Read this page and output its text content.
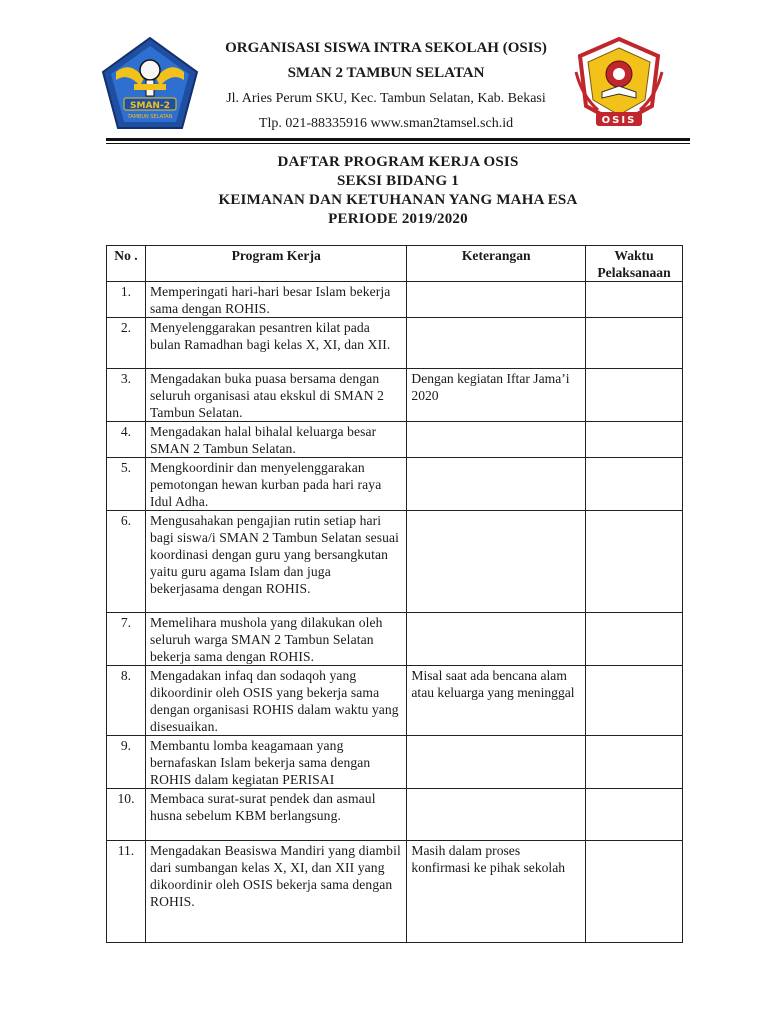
SMAN-2
TAMBUN SELATAN	OSIS
ORGANISASI SISWA INTRA SEKOLAH (OSIS)
SMAN 2 TAMBUN SELATAN
Jl. Aries Perum SKU, Kec. Tambun Selatan, Kab. Bekasi
Tlp. 021-88335916 www.sman2tamsel.sch.id
DAFTAR PROGRAM KERJA OSIS
SEKSI BIDANG 1
KEIMANAN DAN KETUHANAN YANG MAHA ESA
PERIODE 2019/2020
No .	Program Kerja	Keterangan	Waktu Pelaksanaan
1.	Memperingati hari-hari besar Islam bekerja sama dengan ROHIS.		
2.	Menyelenggarakan pesantren kilat pada bulan Ramadhan bagi kelas X, XI, dan XII.		
3.	Mengadakan buka puasa bersama dengan seluruh organisasi atau ekskul di SMAN 2 Tambun Selatan.	Dengan kegiatan Iftar Jama’i 2020	
4.	Mengadakan halal bihalal keluarga besar SMAN 2 Tambun Selatan.		
5.	Mengkoordinir dan menyelenggarakan pemotongan hewan kurban pada hari raya Idul Adha.		
6.	Mengusahakan pengajian rutin setiap hari bagi siswa/i SMAN 2 Tambun Selatan sesuai koordinasi dengan guru yang bersangkutan yaitu guru agama Islam dan juga bekerjasama dengan ROHIS.		
7.	Memelihara mushola yang dilakukan oleh seluruh warga SMAN 2 Tambun Selatan bekerja sama dengan ROHIS.		
8.	Mengadakan infaq dan sodaqoh yang dikoordinir oleh OSIS yang bekerja sama dengan organisasi ROHIS dalam waktu yang disesuaikan.	Misal saat ada bencana alam atau keluarga yang meninggal	
9.	Membantu lomba keagamaan yang bernafaskan Islam bekerja sama dengan ROHIS dalam kegiatan PERISAI		
10.	Membaca surat-surat pendek dan asmaul husna sebelum KBM berlangsung.		
11.	Mengadakan Beasiswa Mandiri yang diambil dari sumbangan kelas X, XI, dan XII yang dikoordinir oleh OSIS bekerja sama dengan ROHIS.	Masih dalam proses konfirmasi ke pihak sekolah	
